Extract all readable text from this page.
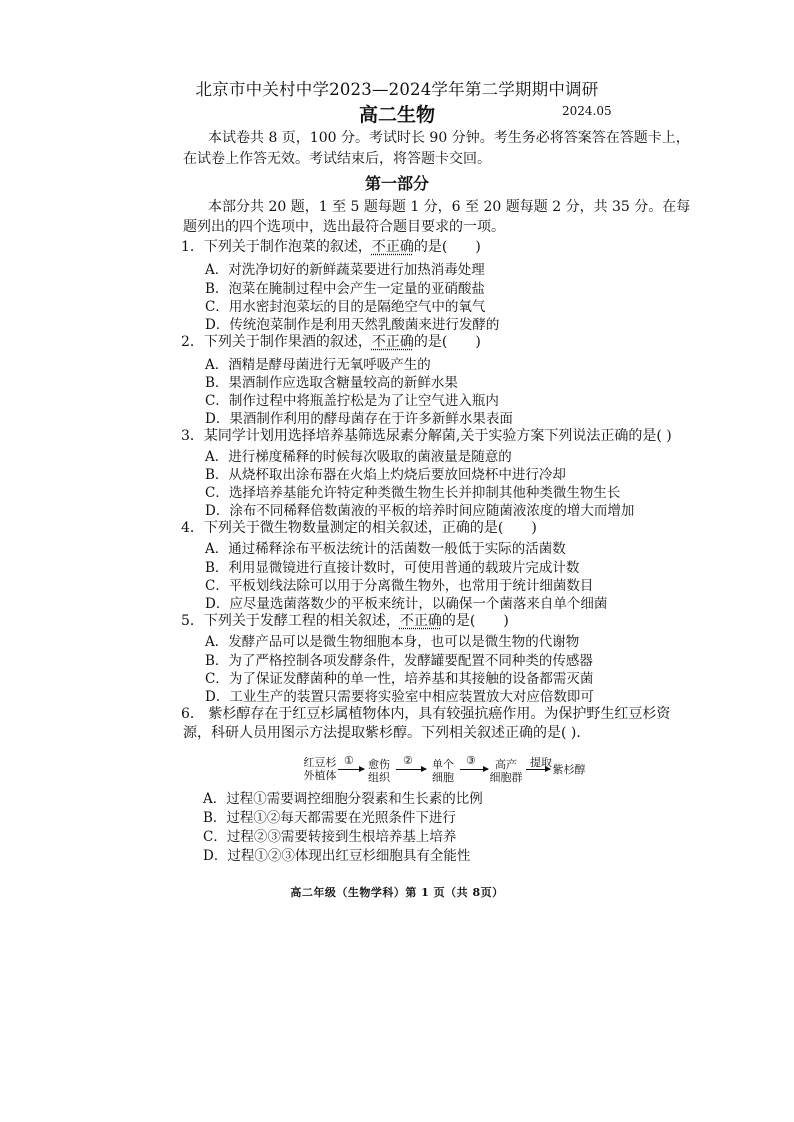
北京市中关村中学2023—2024学年第二学期期中调研
高二生物	2024.05
本试卷共 8 页，100 分。考试时长 90 分钟。考生务必将答案答在答题卡上，
在试卷上作答无效。考试结束后，将答题卡交回。
第一部分
本部分共 20 题，1 至 5 题每题 1 分，6 至 20 题每题 2 分，共 35 分。在每
题列出的四个选项中，选出最符合题目要求的一项。
1．下列关于制作泡菜的叙述，不正确的是(　　)
A．对洗净切好的新鲜蔬菜要进行加热消毒处理
B．泡菜在腌制过程中会产生一定量的亚硝酸盐
C．用水密封泡菜坛的目的是隔绝空气中的氧气
D．传统泡菜制作是利用天然乳酸菌来进行发酵的
2．下列关于制作果酒的叙述，不正确的是(　　)
A．酒精是酵母菌进行无氧呼吸产生的
B．果酒制作应选取含糖量较高的新鲜水果
C．制作过程中将瓶盖拧松是为了让空气进入瓶内
D．果酒制作利用的酵母菌存在于许多新鲜水果表面
3．某同学计划用选择培养基筛选尿素分解菌,关于实验方案下列说法正确的是( )
A．进行梯度稀释的时候每次吸取的菌液量是随意的
B．从烧杯取出涂布器在火焰上灼烧后要放回烧杯中进行冷却
C．选择培养基能允许特定种类微生物生长并抑制其他种类微生物生长
D．涂布不同稀释倍数菌液的平板的培养时间应随菌液浓度的增大而增加
4．下列关于微生物数量测定的相关叙述，正确的是(　　)
A．通过稀释涂布平板法统计的活菌数一般低于实际的活菌数
B．利用显微镜进行直接计数时，可使用普通的载玻片完成计数
C．平板划线法除可以用于分离微生物外，也常用于统计细菌数目
D．应尽量选菌落数少的平板来统计，以确保一个菌落来自单个细菌
5．下列关于发酵工程的相关叙述，不正确的是(　　)
A．发酵产品可以是微生物细胞本身，也可以是微生物的代谢物
B．为了严格控制各项发酵条件，发酵罐要配置不同种类的传感器
C．为了保证发酵菌种的单一性，培养基和其接触的设备都需灭菌
D．工业生产的装置只需要将实验室中相应装置放大对应倍数即可
6． 紫杉醇存在于红豆杉属植物体内，具有较强抗癌作用。为保护野生红豆杉资
源，科研人员用图示方法提取紫杉醇。下列相关叙述正确的是( )．
红豆杉
外植体
①	愈伤
组织
②	单个
细胞
③	高产
细胞群
提取
紫杉醇
A．过程①需要调控细胞分裂素和生长素的比例
B．过程①②每天都需要在光照条件下进行
C．过程②③需要转接到生根培养基上培养
D．过程①②③体现出红豆杉细胞具有全能性
高二年级（生物学科）第 1 页（共 8页）
